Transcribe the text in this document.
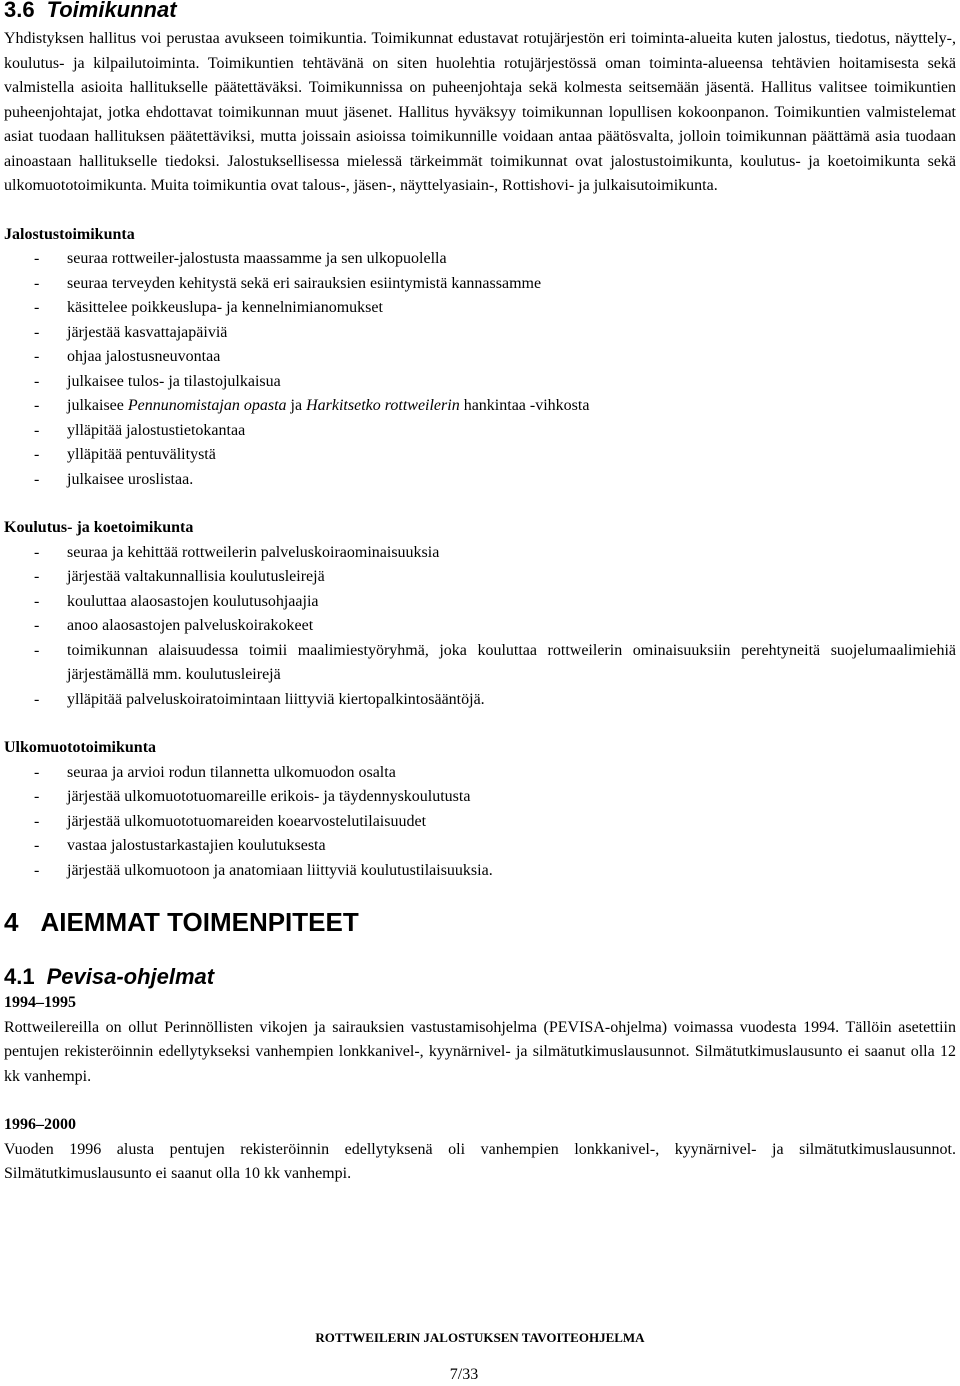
3.6 Toimikunnat

Yhdistyksen hallitus voi perustaa avukseen toimikuntia. Toimikunnat edustavat rotujärjestön eri toiminta-alueita kuten jalostus, tiedotus, näyttely-, koulutus- ja kilpailutoiminta. Toimikuntien tehtävänä on siten huolehtia rotujärjestössä oman toiminta-alueensa tehtävien hoitamisesta sekä valmistella asioita hallitukselle päätettäväksi. Toimikunnissa on puheenjohtaja sekä kolmesta seitsemään jäsentä. Hallitus valitsee toimikuntien puheenjohtajat, jotka ehdottavat toimikunnan muut jäsenet. Hallitus hyväksyy toimikunnan lopullisen kokoonpanon. Toimikuntien valmistelemat asiat tuodaan hallituksen päätettäviksi, mutta joissain asioissa toimikunnille voidaan antaa päätösvalta, jolloin toimikunnan päättämä asia tuodaan ainoastaan hallitukselle tiedoksi. Jalostuksellisessa mielessä tärkeimmät toimikunnat ovat jalostustoimikunta, koulutus- ja koetoimikunta sekä ulkomuototoimikunta. Muita toimikuntia ovat talous-, jäsen-, näyttelyasiain-, Rottishovi- ja julkaisutoimikunta.

Jalostustoimikunta
- seuraa rottweiler-jalostusta maassamme ja sen ulkopuolella
- seuraa terveyden kehitystä sekä eri sairauksien esiintymistä kannassamme
- käsittelee poikkeuslupa- ja kennelnimianomukset
- järjestää kasvattajapäiviä
- ohjaa jalostusneuvontaa
- julkaisee tulos- ja tilastojulkaisua
- julkaisee Pennunomistajan opasta ja Harkitsetko rottweilerin hankintaa -vihkosta
- ylläpitää jalostustietokantaa
- ylläpitää pentuvälitystä
- julkaisee uroslistaa.
Koulutus- ja koetoimikunta
- seuraa ja kehittää rottweilerin palveluskoiraominaisuuksia
- järjestää valtakunnallisia koulutusleirejä
- kouluttaa alaosastojen koulutusohjaajia
- anoo alaosastojen palveluskoirakokeet
- toimikunnan alaisuudessa toimii maalimiestyöryhmä, joka kouluttaa rottweilerin ominaisuuksiin perehtyneitä suojelumaalimiehiä järjestämällä mm. koulutusleirejä
- ylläpitää palveluskoiratoimintaan liittyviä kiertopalkintosääntöjä.
Ulkomuototoimikunta
- seuraa ja arvioi rodun tilannetta ulkomuodon osalta
- järjestää ulkomuototuomareille erikois- ja täydennyskoulutusta
- järjestää ulkomuototuomareiden koearvostelutilaisuudet
- vastaa jalostustarkastajien koulutuksesta
- järjestää ulkomuotoon ja anatomiaan liittyviä koulutustilaisuuksia.
4 AIEMMAT TOIMENPITEET
4.1 Pevisa-ohjelmat
1994–1995

Rottweilereilla on ollut Perinnöllisten vikojen ja sairauksien vastustamisohjelma (PEVISA-ohjelma) voimassa vuodesta 1994. Tällöin asetettiin pentujen rekisteröinnin edellytykseksi vanhempien lonkkanivel-, kyynärnivel- ja silmätutkimuslausunnot. Silmätutkimuslausunto ei saanut olla 12 kk vanhempi.

1996–2000

Vuoden 1996 alusta pentujen rekisteröinnin edellytyksenä oli vanhempien lonkkanivel-, kyynärnivel- ja silmätutkimuslausunnot. Silmätutkimuslausunto ei saanut olla 10 kk vanhempi.

ROTTWEILERIN JALOSTUKSEN TAVOITEOHJELMA
7/33
